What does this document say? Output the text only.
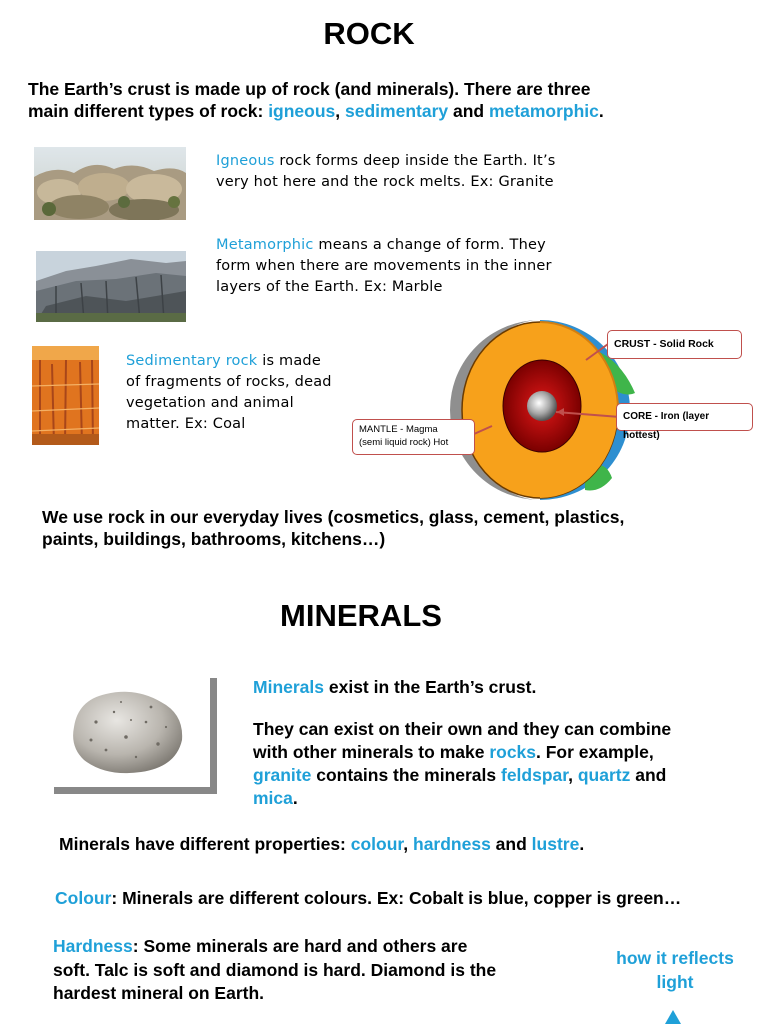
ROCK
The Earth’s crust is made up of rock (and minerals). There are three
main different types of rock: igneous, sedimentary and metamorphic.
Igneous rock forms deep inside the Earth. It’s
very hot here and the rock melts. Ex: Granite
Metamorphic means a change of form. They
form when there are movements in the inner
layers of the Earth. Ex: Marble
Sedimentary rock is made
of fragments of rocks, dead
vegetation and animal
matter. Ex: Coal
CRUST - Solid Rock
CORE - Iron (layer hottest)
MANTLE - Magma
(semi liquid rock) Hot
We use rock in our everyday lives (cosmetics, glass, cement, plastics,
paints, buildings, bathrooms, kitchens…)
MINERALS
Minerals exist in the Earth’s crust.
They can exist on their own and they can combine
with other minerals to make rocks. For example,
granite contains the minerals feldspar, quartz and
mica.
Minerals have different properties: colour, hardness and lustre.
Colour: Minerals are different colours. Ex: Cobalt is blue, copper is green…
Hardness: Some minerals are hard and others are
soft. Talc is soft and diamond is hard. Diamond is the
hardest mineral on Earth.
how it reflects
light
